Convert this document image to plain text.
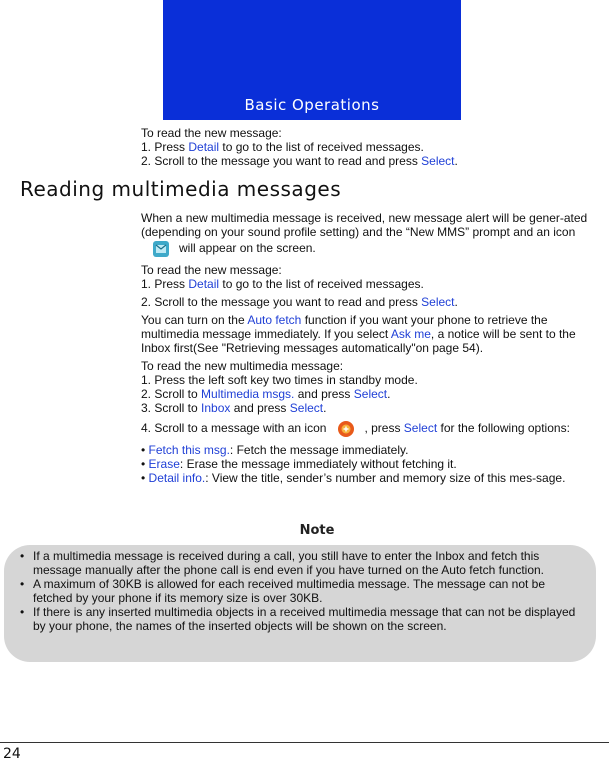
Basic Operations
To read the new message:
1. Press Detail to go to the list of received messages.
2. Scroll to the message you want to read and press Select.
Reading multimedia messages
When a new multimedia message is received, new message alert will be gener-ated (depending on your sound profile setting) and the “New MMS” prompt and an iconwill appear on the screen.
To read the new message:
1. Press Detail to go to the list of received messages.
2. Scroll to the message you want to read and press Select.
You can turn on the Auto fetch function if you want your phone to retrieve the multimedia message immediately. If you select Ask me, a notice will be sent to the Inbox first(See "Retrieving messages automatically"on page 54).
To read the new multimedia message:
1. Press the left soft key two times in standby mode.
2. Scroll to Multimedia msgs. and press Select.
3. Scroll to Inbox and press Select.
4. Scroll to a message with an icon	, press Select for the following options:
• Fetch this msg.: Fetch the message immediately.
• Erase: Erase the message immediately without fetching it.
• Detail info.: View the title, sender’s number and memory size of this mes-sage.
Note
• If a multimedia message is received during a call, you still have to enter the Inbox and fetch this message manually after the phone call is end even if you have turned on the Auto fetch function.
• A maximum of 30KB is allowed for each received multimedia message. The message can not be fetched by your phone if its memory size is over 30KB.
• If there is any inserted multimedia objects in a received multimedia message that can not be displayed by your phone, the names of the inserted objects will be shown on the screen.
24
